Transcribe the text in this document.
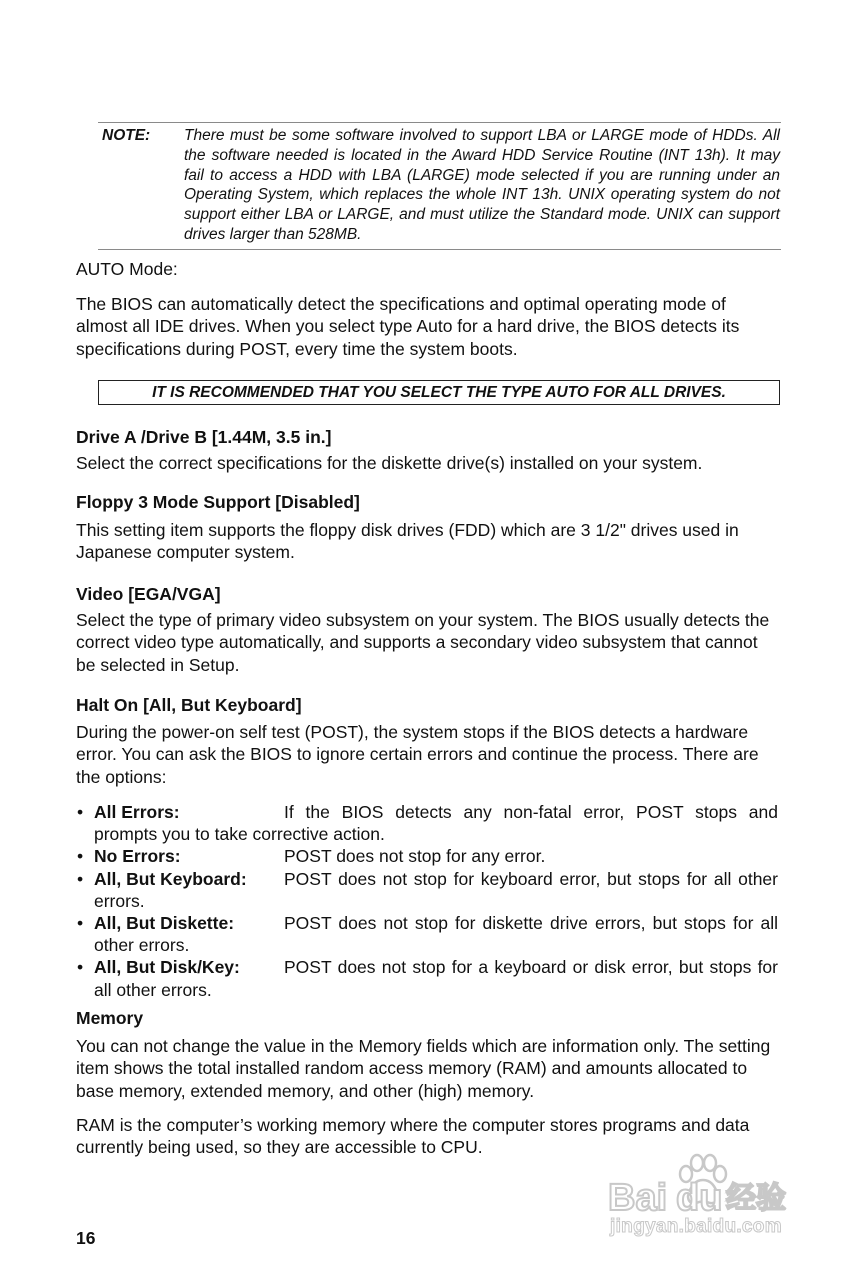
NOTE:	There must be some software involved to support LBA or LARGE mode of HDDs. All the software needed is located in the Award HDD Service Routine (INT 13h). It may fail to access a HDD with LBA (LARGE) mode selected if you are running under an Operating System, which replaces the whole INT 13h. UNIX operating system do not support either LBA or LARGE, and must utilize the Standard mode. UNIX can support drives larger than 528MB.

AUTO Mode:

The BIOS can automatically detect the specifications and optimal operating mode of almost all IDE drives. When you select type Auto for a hard drive, the BIOS detects its specifications during POST, every time the system boots.

IT IS RECOMMENDED THAT YOU SELECT THE TYPE AUTO FOR ALL DRIVES.
Drive A /Drive B [1.44M, 3.5 in.]

Select the correct specifications for the diskette drive(s) installed on your system.

Floppy 3 Mode Support [Disabled]

This setting item supports the floppy disk drives (FDD) which are 3 1/2" drives used in Japanese computer system.

Video [EGA/VGA]

Select the type of primary video subsystem on your system. The BIOS usually detects the correct video type automatically, and supports a secondary video subsystem that cannot be selected in Setup.

Halt On [All, But Keyboard]

During the power-on self test (POST), the system stops if the BIOS detects a hardware error. You can ask the BIOS to ignore certain errors and continue the process. There are the options:

• All Errors:	If the BIOS detects any non-fatal error, POST stops and prompts you to take corrective action.
• No Errors:	POST does not stop for any error.
• All, But Keyboard: POST does not stop for keyboard error, but stops for all other errors.
• All, But Diskette:	POST does not stop for diskette drive errors, but stops for all other errors.
• All, But Disk/Key:	POST does not stop for a keyboard or disk error, but stops for all other errors.
Memory

You can not change the value in the Memory fields which are information only. The setting item shows the total installed random access memory (RAM) and amounts allocated to base memory, extended memory, and other (high) memory.

RAM is the computer’s working memory where the computer stores programs and data currently being used, so they are accessible to CPU.

16
Bai du 经验
jingyan.baidu.com
